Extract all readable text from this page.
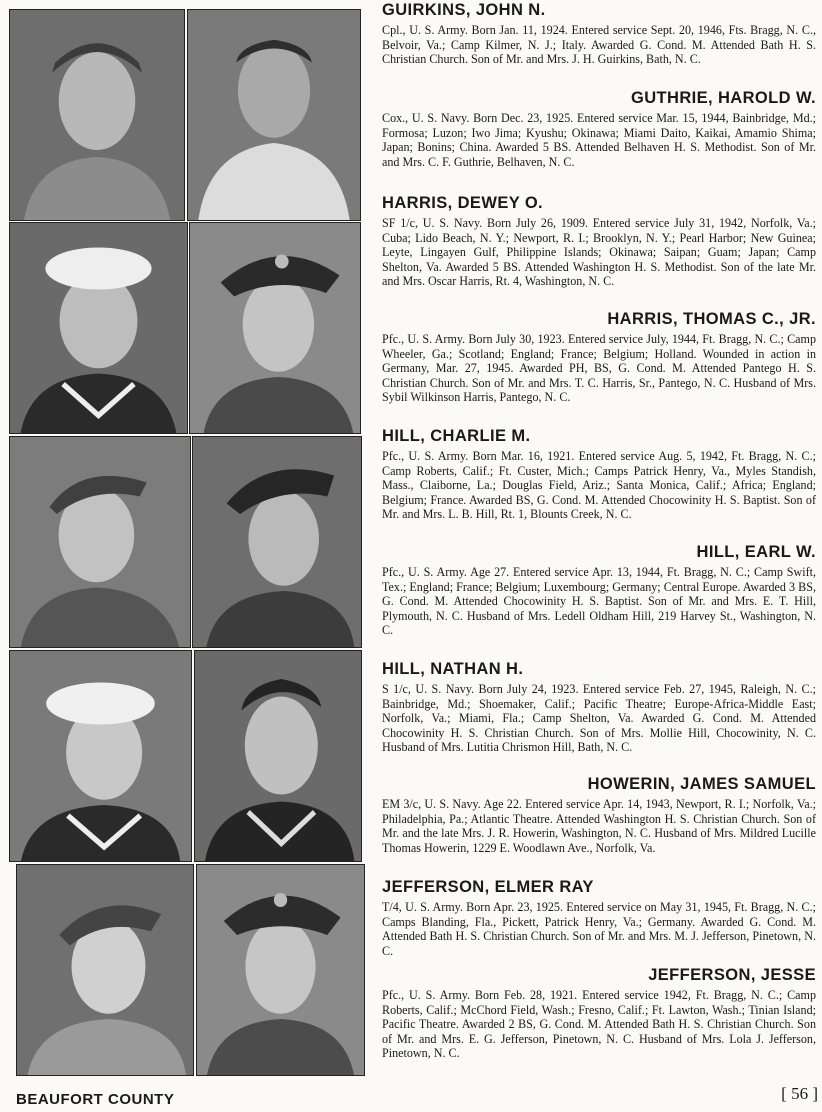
GUIRKINS, JOHN N.

Cpl., U. S. Army. Born Jan. 11, 1924. Entered service Sept. 20, 1946, Fts. Bragg, N. C., Belvoir, Va.; Camp Kilmer, N. J.; Italy. Awarded G. Cond. M. Attended Bath H. S. Christian Church. Son of Mr. and Mrs. J. H. Guirkins, Bath, N. C.

GUTHRIE, HAROLD W.

Cox., U. S. Navy. Born Dec. 23, 1925. Entered service Mar. 15, 1944, Bainbridge, Md.; Formosa; Luzon; Iwo Jima; Kyushu; Okinawa; Miami Daito, Kaikai, Amamio Shima; Japan; Bonins; China. Awarded 5 BS. Attended Belhaven H. S. Methodist. Son of Mr. and Mrs. C. F. Guthrie, Belhaven, N. C.

HARRIS, DEWEY O.

SF 1/c, U. S. Navy. Born July 26, 1909. Entered service July 31, 1942, Norfolk, Va.; Cuba; Lido Beach, N. Y.; Newport, R. I.; Brooklyn, N. Y.; Pearl Harbor; New Guinea; Leyte, Lingayen Gulf, Philippine Islands; Okinawa; Saipan; Guam; Japan; Camp Shelton, Va. Awarded 5 BS. Attended Washington H. S. Methodist. Son of the late Mr. and Mrs. Oscar Harris, Rt. 4, Washington, N. C.

HARRIS, THOMAS C., JR.

Pfc., U. S. Army. Born July 30, 1923. Entered service July, 1944, Ft. Bragg, N. C.; Camp Wheeler, Ga.; Scotland; England; France; Belgium; Holland. Wounded in action in Germany, Mar. 27, 1945. Awarded PH, BS, G. Cond. M. Attended Pantego H. S. Christian Church. Son of Mr. and Mrs. T. C. Harris, Sr., Pantego, N. C. Husband of Mrs. Sybil Wilkinson Harris, Pantego, N. C.

HILL, CHARLIE M.

Pfc., U. S. Army. Born Mar. 16, 1921. Entered service Aug. 5, 1942, Ft. Bragg, N. C.; Camp Roberts, Calif.; Ft. Custer, Mich.; Camps Patrick Henry, Va., Myles Standish, Mass., Claiborne, La.; Douglas Field, Ariz.; Santa Monica, Calif.; Africa; England; Belgium; France. Awarded BS, G. Cond. M. Attended Chocowinity H. S. Baptist. Son of Mr. and Mrs. L. B. Hill, Rt. 1, Blounts Creek, N. C.

HILL, EARL W.

Pfc., U. S. Army. Age 27. Entered service Apr. 13, 1944, Ft. Bragg, N. C.; Camp Swift, Tex.; England; France; Belgium; Luxembourg; Germany; Central Europe. Awarded 3 BS, G. Cond. M. Attended Chocowinity H. S. Baptist. Son of Mr. and Mrs. E. T. Hill, Plymouth, N. C. Husband of Mrs. Ledell Oldham Hill, 219 Harvey St., Washington, N. C.

HILL, NATHAN H.

S 1/c, U. S. Navy. Born July 24, 1923. Entered service Feb. 27, 1945, Raleigh, N. C.; Bainbridge, Md.; Shoemaker, Calif.; Pacific Theatre; Europe-Africa-Middle East; Norfolk, Va.; Miami, Fla.; Camp Shelton, Va. Awarded G. Cond. M. Attended Chocowinity H. S. Christian Church. Son of Mrs. Mollie Hill, Chocowinity, N. C. Husband of Mrs. Lutitia Chrismon Hill, Bath, N. C.

HOWERIN, JAMES SAMUEL

EM 3/c, U. S. Navy. Age 22. Entered service Apr. 14, 1943, Newport, R. I.; Norfolk, Va.; Philadelphia, Pa.; Atlantic Theatre. Attended Washington H. S. Christian Church. Son of Mr. and the late Mrs. J. R. Howerin, Washington, N. C. Husband of Mrs. Mildred Lucille Thomas Howerin, 1229 E. Woodlawn Ave., Norfolk, Va.

JEFFERSON, ELMER RAY

T/4, U. S. Army. Born Apr. 23, 1925. Entered service on May 31, 1945, Ft. Bragg, N. C.; Camps Blanding, Fla., Pickett, Patrick Henry, Va.; Germany. Awarded G. Cond. M. Attended Bath H. S. Christian Church. Son of Mr. and Mrs. M. J. Jefferson, Pinetown, N. C.

JEFFERSON, JESSE

Pfc., U. S. Army. Born Feb. 28, 1921. Entered service 1942, Ft. Bragg, N. C.; Camp Roberts, Calif.; McChord Field, Wash.; Fresno, Calif.; Ft. Lawton, Wash.; Tinian Island; Pacific Theatre. Awarded 2 BS, G. Cond. M. Attended Bath H. S. Christian Church. Son of Mr. and Mrs. E. G. Jefferson, Pinetown, N. C. Husband of Mrs. Lola J. Jefferson, Pinetown, N. C.

BEAUFORT COUNTY	[ 56 ]
